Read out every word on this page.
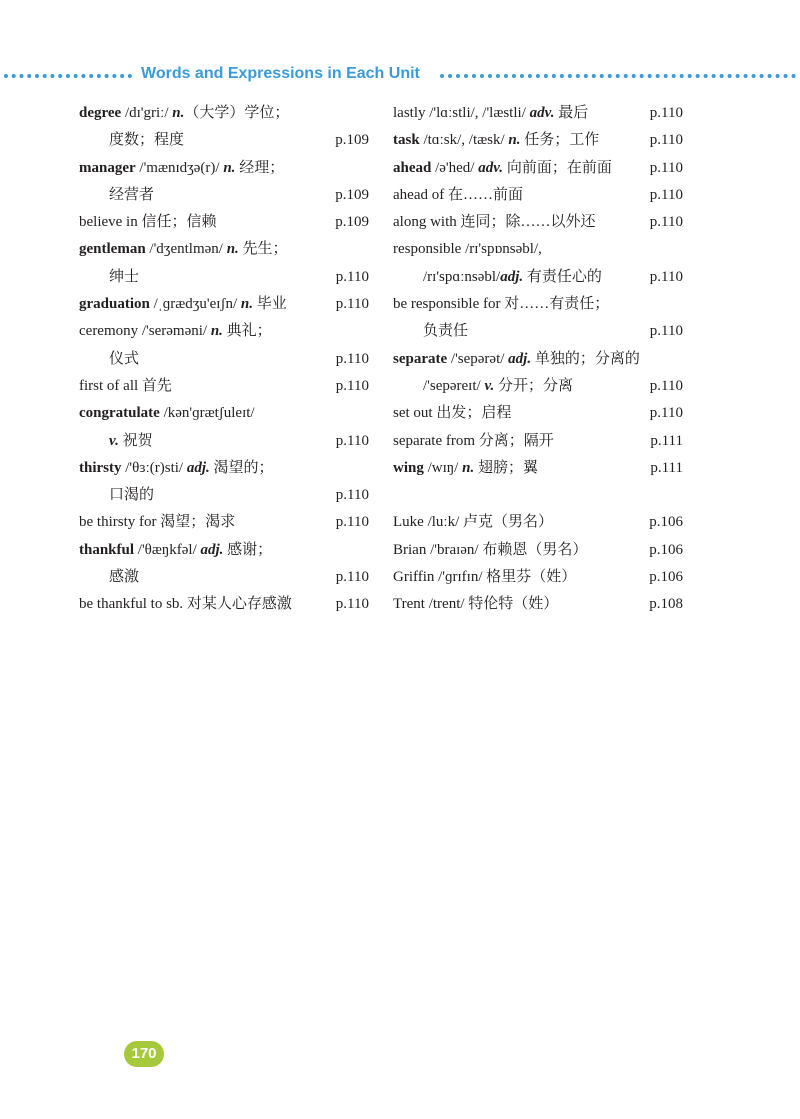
Words and Expressions in Each Unit
degree /dɪ'griː/ n.（大学）学位；
度数；程度	p.109
manager /'mænɪdʒə(r)/ n. 经理；
经营者	p.109
believe in 信任；信赖	p.109
gentleman /'dʒentlmən/ n. 先生；
绅士	p.110
graduation /ˌɡrædʒu'eɪʃn/ n. 毕业	p.110
ceremony /'serəməni/ n. 典礼；
仪式	p.110
first of all 首先	p.110
congratulate /kən'ɡrætʃuleɪt/
v. 祝贺	p.110
thirsty /'θɜː(r)sti/ adj. 渴望的；
口渴的	p.110
be thirsty for 渴望；渴求	p.110
thankful /'θæŋkfəl/ adj. 感谢；
感激	p.110
be thankful to sb. 对某人心存感激	p.110
lastly /'lɑːstli/, /'læstli/ adv. 最后	p.110
task /tɑːsk/, /tæsk/ n. 任务；工作	p.110
ahead /ə'hed/ adv. 向前面；在前面	p.110
ahead of 在……前面	p.110
along with 连同；除……以外还	p.110
responsible /rɪ'spɒnsəbl/,
/rɪ'spɑːnsəbl/adj. 有责任心的	p.110
be responsible for 对……有责任；
负责任	p.110
separate /'sepərət/ adj. 单独的；分离的
/'sepəreɪt/ v. 分开；分离	p.110
set out 出发；启程	p.110
separate from 分离；隔开	p.111
wing /wɪŋ/ n. 翅膀；翼	p.111
Luke /luːk/ 卢克（男名）	p.106
Brian /'braɪən/ 布赖恩（男名）	p.106
Griffin /'ɡrɪfɪn/ 格里芬（姓）	p.106
Trent /trent/ 特伦特（姓）	p.108
170
